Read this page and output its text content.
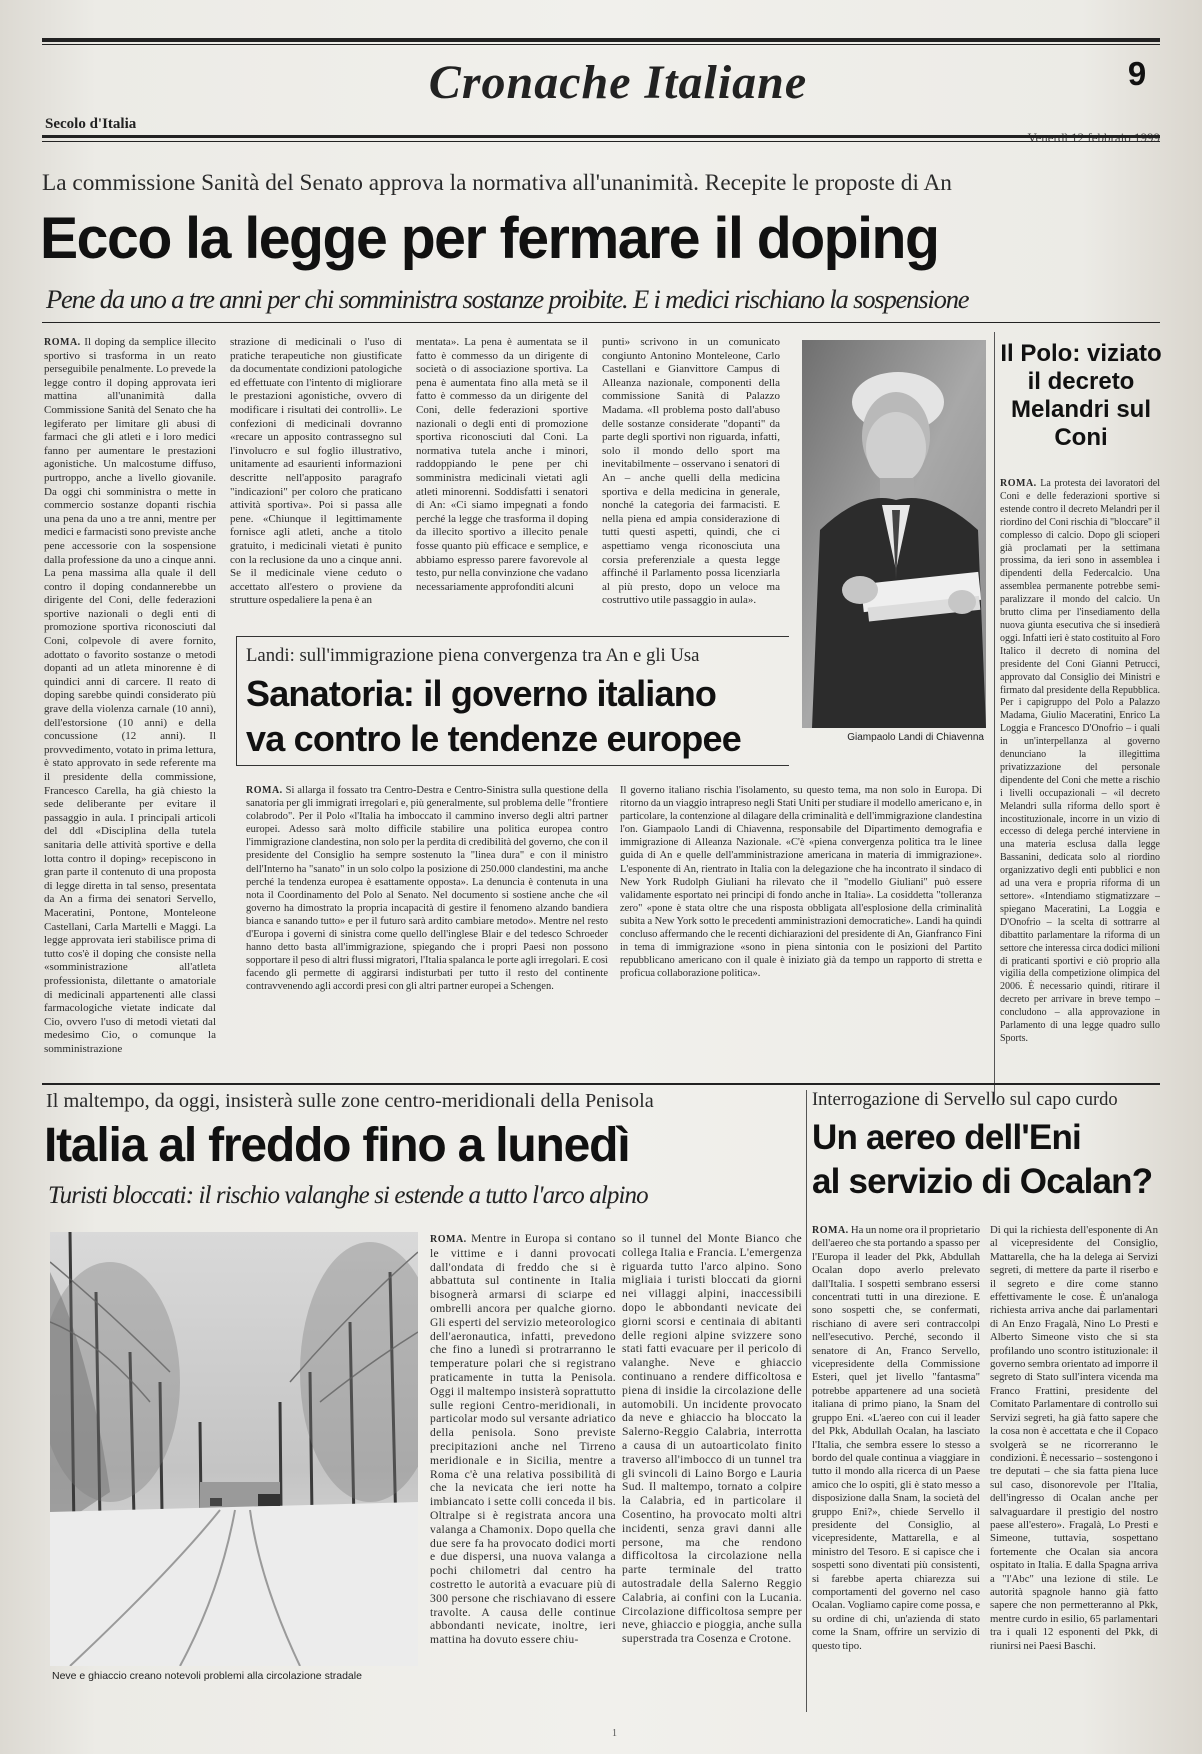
Cronache Italiane	9
Secolo d'Italia
La commissione Sanità del Senato approva la normativa all'unanimità. Recepite le proposte di An
Ecco la legge per fermare il doping
Pene da uno a tre anni per chi somministra sostanze proibite. E i medici rischiano la sospensione
ROMA. Il doping da semplice illecito sportivo si trasforma in un reato perseguibile penalmente. Lo prevede la legge contro il doping approvata ieri mattina all'unanimità dalla Commissione Sanità del Senato che ha legiferato per limitare gli abusi di farmaci che gli atleti e i loro medici fanno per aumentare le prestazioni agonistiche. Un malcostume diffuso, purtroppo, anche a livello giovanile. Da oggi chi somministra o mette in commercio sostanze dopanti rischia una pena da uno a tre anni, mentre per medici e farmacisti sono previste anche pene accessorie con la sospensione dalla professione da uno a cinque anni. La pena massima alla quale il dell contro il doping condannerebbe un dirigente del Coni, delle federazioni sportive nazionali o degli enti di promozione sportiva riconosciuti dal Coni, colpevole di avere fornito, adottato o favorito sostanze o metodi dopanti ad un atleta minorenne è di quindici anni di carcere. Il reato di doping sarebbe quindi considerato più grave della violenza carnale (10 anni), dell'estorsione (10 anni) e della concussione (12 anni). Il provvedimento, votato in prima lettura, è stato approvato in sede referente ma il presidente della commissione, Francesco Carella, ha già chiesto la sede deliberante per evitare il passaggio in aula. I principali articoli del ddl «Disciplina della tutela sanitaria delle attività sportive e della lotta contro il doping» recepiscono in gran parte il contenuto di una proposta di legge diretta in tal senso, presentata da An a firma dei senatori Servello, Maceratini, Pontone, Monteleone Castellani, Carla Martelli e Maggi. La legge approvata ieri stabilisce prima di tutto cos'è il doping che consiste nella «somministrazione all'atleta professionista, dilettante o amatoriale di medicinali appartenenti alle classi farmacologiche vietate indicate dal Cio, ovvero l'uso di metodi vietati dal medesimo Cio, o comunque la somministrazione
strazione di medicinali o l'uso di pratiche terapeutiche non giustificate da documentate condizioni patologiche ed effettuate con l'intento di migliorare le prestazioni agonistiche, ovvero di modificare i risultati dei controlli». Le confezioni di medicinali dovranno «recare un apposito contrassegno sul l'involucro e sul foglio illustrativo, unitamente ad esaurienti informazioni descritte nell'apposito paragrafo "indicazioni" per coloro che praticano attività sportiva». Poi si passa alle pene. «Chiunque il legittimamente fornisce agli atleti, anche a titolo gratuito, i medicinali vietati è punito con la reclusione da uno a cinque anni. Se il medicinale viene ceduto o accettato all'estero o proviene da strutture ospedaliere la pena è an
mentata». La pena è aumentata se il fatto è commesso da un dirigente di società o di associazione sportiva. La pena è aumentata fino alla metà se il fatto è commesso da un dirigente del Coni, delle federazioni sportive nazionali o degli enti di promozione sportiva riconosciuti dal Coni. La normativa tutela anche i minori, raddoppiando le pene per chi somministra medicinali vietati agli atleti minorenni. Soddisfatti i senatori di An: «Ci siamo impegnati a fondo perché la legge che trasforma il doping da illecito sportivo a illecito penale fosse quanto più efficace e semplice, e abbiamo espresso parere favorevole al testo, pur nella convinzione che vadano necessariamente approfonditi alcuni
punti» scrivono in un comunicato congiunto Antonino Monteleone, Carlo Castellani e Gianvittore Campus di Alleanza nazionale, componenti della commissione Sanità di Palazzo Madama. «Il problema posto dall'abuso delle sostanze considerate "dopanti" da parte degli sportivi non riguarda, infatti, solo il mondo dello sport ma inevitabilmente – osservano i senatori di An – anche quelli della medicina sportiva e della medicina in generale, nonché la categoria dei farmacisti. E nella piena ed ampia considerazione di tutti questi aspetti, quindi, che ci aspettiamo venga riconosciuta una corsia preferenziale a questa legge affinché il Parlamento possa licenziarla al più presto, dopo un veloce ma costruttivo utile passaggio in aula».
Giampaolo Landi di Chiavenna
Il Polo: viziato il decreto Melandri sul Coni
ROMA. La protesta dei lavoratori del Coni e delle federazioni sportive si estende contro il decreto Melandri per il riordino del Coni rischia di "bloccare" il complesso di calcio. Dopo gli scioperi già proclamati per la settimana prossima, da ieri sono in assemblea i dipendenti della Federcalcio. Una assemblea permanente potrebbe semi-paralizzare il mondo del calcio. Un brutto clima per l'insediamento della nuova giunta esecutiva che si insedierà oggi. Infatti ieri è stato costituito al Foro Italico il decreto di nomina del presidente del Coni Gianni Petrucci, approvato dal Consiglio dei Ministri e firmato dal presidente della Repubblica. Per i capigruppo del Polo a Palazzo Madama, Giulio Maceratini, Enrico La Loggia e Francesco D'Onofrio – i quali in un'interpellanza al governo denunciano la illegittima privatizzazione del personale dipendente del Coni che mette a rischio i livelli occupazionali – «il decreto Melandri sulla riforma dello sport è incostituzionale, incorre in un vizio di eccesso di delega perché interviene in una materia esclusa dalla legge Bassanini, dedicata solo al riordino organizzativo degli enti pubblici e non ad una vera e propria riforma di un settore». «Intendiamo stigmatizzare – spiegano Maceratini, La Loggia e D'Onofrio – la scelta di sottrarre al dibattito parlamentare la riforma di un settore che interessa circa dodici milioni di praticanti sportivi e ciò proprio alla vigilia della competizione olimpica del 2006. È necessario quindi, ritirare il decreto per arrivare in breve tempo – concludono – alla approvazione in Parlamento di una legge quadro sullo Sports.
Landi: sull'immigrazione piena convergenza tra An e gli Usa
Sanatoria: il governo italiano
va contro le tendenze europee
ROMA. Si allarga il fossato tra Centro-Destra e Centro-Sinistra sulla questione della sanatoria per gli immigrati irregolari e, più generalmente, sul problema delle "frontiere colabrodo". Per il Polo «l'Italia ha imboccato il cammino inverso degli altri partner europei. Adesso sarà molto difficile stabilire una politica europea contro l'immigrazione clandestina, non solo per la perdita di credibilità del governo, che con il presidente del Consiglio ha sempre sostenuto la "linea dura" e con il ministro dell'Interno ha "sanato" in un solo colpo la posizione di 250.000 clandestini, ma anche perché la tendenza europea è esattamente opposta». La denuncia è contenuta in una nota il Coordinamento del Polo al Senato. Nel documento si sostiene anche che «il governo ha dimostrato la propria incapacità di gestire il fenomeno alzando bandiera bianca e sanando tutto» e per il futuro sarà ardito cambiare metodo». Mentre nel resto d'Europa i governi di sinistra come quello dell'inglese Blair e del tedesco Schroeder hanno detto basta all'immigrazione, spiegando che i propri Paesi non possono sopportare il peso di altri flussi migratori, l'Italia spalanca le porte agli irregolari. E così facendo gli permette di aggirarsi indisturbati per tutto il resto del continente contravvenendo agli accordi presi con gli altri partner europei a Schengen.
Il governo italiano rischia l'isolamento, su questo tema, ma non solo in Europa. Di ritorno da un viaggio intrapreso negli Stati Uniti per studiare il modello americano e, in particolare, la contenzione al dilagare della criminalità e dell'immigrazione clandestina l'on. Giampaolo Landi di Chiavenna, responsabile del Dipartimento demografia e immigrazione di Alleanza Nazionale. «C'è «piena convergenza politica tra le linee guida di An e quelle dell'amministrazione americana in materia di immigrazione». L'esponente di An, rientrato in Italia con la delegazione che ha incontrato il sindaco di New York Rudolph Giuliani ha rilevato che il "modello Giuliani" può essere validamente esportato nei principi di fondo anche in Italia». La cosiddetta "tolleranza zero" «pone è stata oltre che una risposta obbligata all'esplosione della criminalità subita a New York sotto le precedenti amministrazioni democratiche». Landi ha quindi concluso affermando che le recenti dichiarazioni del presidente di An, Gianfranco Fini in tema di immigrazione «sono in piena sintonia con le posizioni del Partito repubblicano americano con il quale è iniziato già da tempo un rapporto di stretta e proficua collaborazione politica».
Il maltempo, da oggi, insisterà sulle zone centro-meridionali della Penisola
Italia al freddo fino a lunedì
Turisti bloccati: il rischio valanghe si estende a tutto l'arco alpino
Neve e ghiaccio creano notevoli problemi alla circolazione stradale
ROMA. Mentre in Europa si contano le vittime e i danni provocati dall'ondata di freddo che si è abbattuta sul continente in Italia bisognerà armarsi di sciarpe ed ombrelli ancora per qualche giorno. Gli esperti del servizio meteorologico dell'aeronautica, infatti, prevedono che fino a lunedì si protrarranno le temperature polari che si registrano praticamente in tutta la Penisola. Oggi il maltempo insisterà soprattutto sulle regioni Centro-meridionali, in particolar modo sul versante adriatico della penisola. Sono previste precipitazioni anche nel Tirreno meridionale e in Sicilia, mentre a Roma c'è una relativa possibilità di che la nevicata che ieri notte ha imbiancato i sette colli conceda il bis. Oltralpe si è registrata ancora una valanga a Chamonix. Dopo quella che due sere fa ha provocato dodici morti e due dispersi, una nuova valanga a pochi chilometri dal centro ha costretto le autorità a evacuare più di 300 persone che rischiavano di essere travolte. A causa delle continue abbondanti nevicate, inoltre, ieri mattina ha dovuto essere chiu-
so il tunnel del Monte Bianco che collega Italia e Francia. L'emergenza riguarda tutto l'arco alpino. Sono migliaia i turisti bloccati da giorni nei villaggi alpini, inaccessibili dopo le abbondanti nevicate dei giorni scorsi e centinaia di abitanti delle regioni alpine svizzere sono stati fatti evacuare per il pericolo di valanghe. Neve e ghiaccio continuano a rendere difficoltosa e piena di insidie la circolazione delle automobili. Un incidente provocato da neve e ghiaccio ha bloccato la Salerno-Reggio Calabria, interrotta a causa di un autoarticolato finito traverso all'imbocco di un tunnel tra gli svincoli di Laino Borgo e Lauria Sud. Il maltempo, tornato a colpire la Calabria, ed in particolare il Cosentino, ha provocato molti altri incidenti, senza gravi danni alle persone, ma che rendono difficoltosa la circolazione nella parte terminale del tratto autostradale della Salerno Reggio Calabria, ai confini con la Lucania. Circolazione difficoltosa sempre per neve, ghiaccio e pioggia, anche sulla superstrada tra Cosenza e Crotone.
Interrogazione di Servello sul capo curdo
Un aereo dell'Eni
al servizio di Ocalan?
ROMA. Ha un nome ora il proprietario dell'aereo che sta portando a spasso per l'Europa il leader del Pkk, Abdullah Ocalan dopo averlo prelevato dall'Italia. I sospetti sembrano essersi concentrati tutti in una direzione. E sono sospetti che, se confermati, rischiano di avere seri contraccolpi nell'esecutivo. Perché, secondo il senatore di An, Franco Servello, vicepresidente della Commissione Esteri, quel jet livello "fantasma" potrebbe appartenere ad una società italiana di primo piano, la Snam del gruppo Eni. «L'aereo con cui il leader del Pkk, Abdullah Ocalan, ha lasciato l'Italia, che sembra essere lo stesso a bordo del quale continua a viaggiare in tutto il mondo alla ricerca di un Paese amico che lo ospiti, gli è stato messo a disposizione dalla Snam, la società del gruppo Eni?», chiede Servello il presidente del Consiglio, al vicepresidente, Mattarella, e al ministro del Tesoro. E si capisce che i sospetti sono diventati più consistenti, si farebbe aperta chiarezza sui comportamenti del governo nel caso Ocalan. Vogliamo capire come possa, e su ordine di chi, un'azienda di stato come la Snam, offrire un servizio di questo tipo.
Di qui la richiesta dell'esponente di An al vicepresidente del Consiglio, Mattarella, che ha la delega ai Servizi segreti, di mettere da parte il riserbo e il segreto e dire come stanno effettivamente le cose. È un'analoga richiesta arriva anche dai parlamentari di An Enzo Fragalà, Nino Lo Presti e Alberto Simeone visto che si sta profilando uno scontro istituzionale: il governo sembra orientato ad imporre il segreto di Stato sull'intera vicenda ma Franco Frattini, presidente del Comitato Parlamentare di controllo sui Servizi segreti, ha già fatto sapere che la cosa non è accettata e che il Copaco svolgerà se ne ricorreranno le condizioni. È necessario – sostengono i tre deputati – che sia fatta piena luce sul caso, disonorevole per l'Italia, dell'ingresso di Ocalan anche per salvaguardare il prestigio del nostro paese all'estero». Fragalà, Lo Presti e Simeone, tuttavia, sospettano fortemente che Ocalan sia ancora ospitato in Italia. E dalla Spagna arriva a "l'Abc" una lezione di stile. Le autorità spagnole hanno già fatto sapere che non permetteranno al Pkk, mentre curdo in esilio, 65 parlamentari tra i quali 12 esponenti del Pkk, di riunirsi nei Paesi Baschi.
1
